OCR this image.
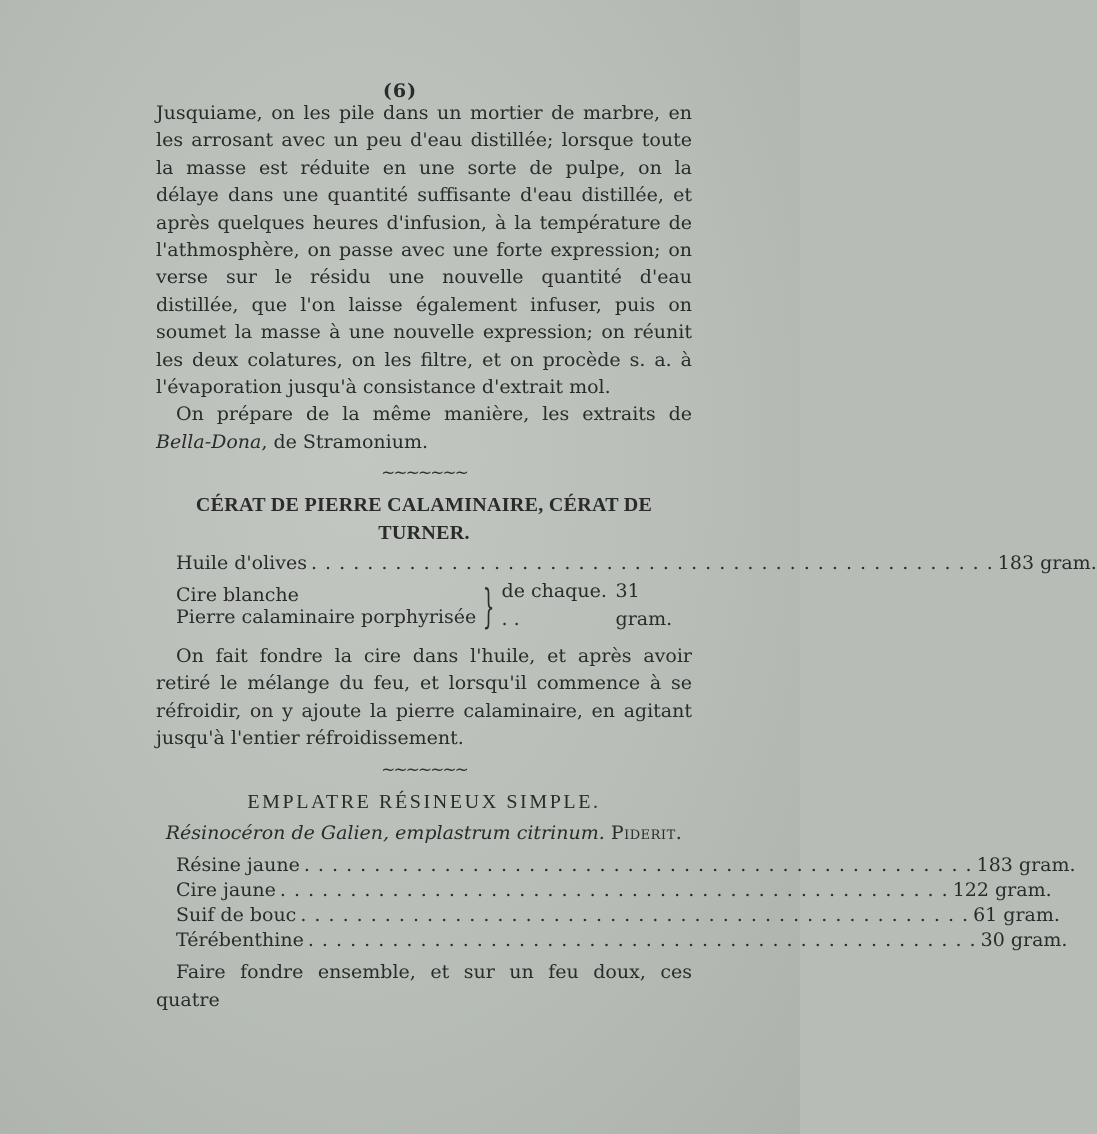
(6)

Jusquiame, on les pile dans un mortier de marbre, en les arrosant avec un peu d'eau distillée; lorsque toute la masse est réduite en une sorte de pulpe, on la délaye dans une quantité suffisante d'eau distillée, et après quelques heures d'infusion, à la température de l'athmosphère, on passe avec une forte expression; on verse sur le résidu une nouvelle quantité d'eau distillée, que l'on laisse également infuser, puis on soumet la masse à une nouvelle expression; on réunit les deux colatures, on les filtre, et on procède s. a. à l'évaporation jusqu'à consistance d'extrait mol.

On prépare de la même manière, les extraits de Bella-Dona, de Stramonium.

~~~~~~~
CÉRAT DE PIERRE CALAMINAIRE, CÉRAT DE TURNER.
Huile d'olives . . . . . . . . . . . . . . . . . . . . . . . . . . . . . . . . . . . . . . . . . . . . . . . . . 183 gram.
Cire blanche
Pierre calaminaire porphyrisée } de chaque. . .
31 gram.

On fait fondre la cire dans l'huile, et après avoir retiré le mélange du feu, et lorsqu'il commence à se réfroidir, on y ajoute la pierre calaminaire, en agitant jusqu'à l'entier réfroidissement.

~~~~~~~
EMPLATRE RÉSINEUX SIMPLE.
Résinocéron de Galien, emplastrum citrinum. Piderit.
Résine jaune . . . . . . . . . . . . . . . . . . . . . . . . . . . . . . . . . . . . . . . . . . . . . . . . 183 gram.
Cire jaune . . . . . . . . . . . . . . . . . . . . . . . . . . . . . . . . . . . . . . . . . . . . . . . . 122 gram.
Suif de bouc . . . . . . . . . . . . . . . . . . . . . . . . . . . . . . . . . . . . . . . . . . . . . . . . 61 gram.
Térébenthine . . . . . . . . . . . . . . . . . . . . . . . . . . . . . . . . . . . . . . . . . . . . . . . . 30 gram.

Faire fondre ensemble, et sur un feu doux, ces quatre
